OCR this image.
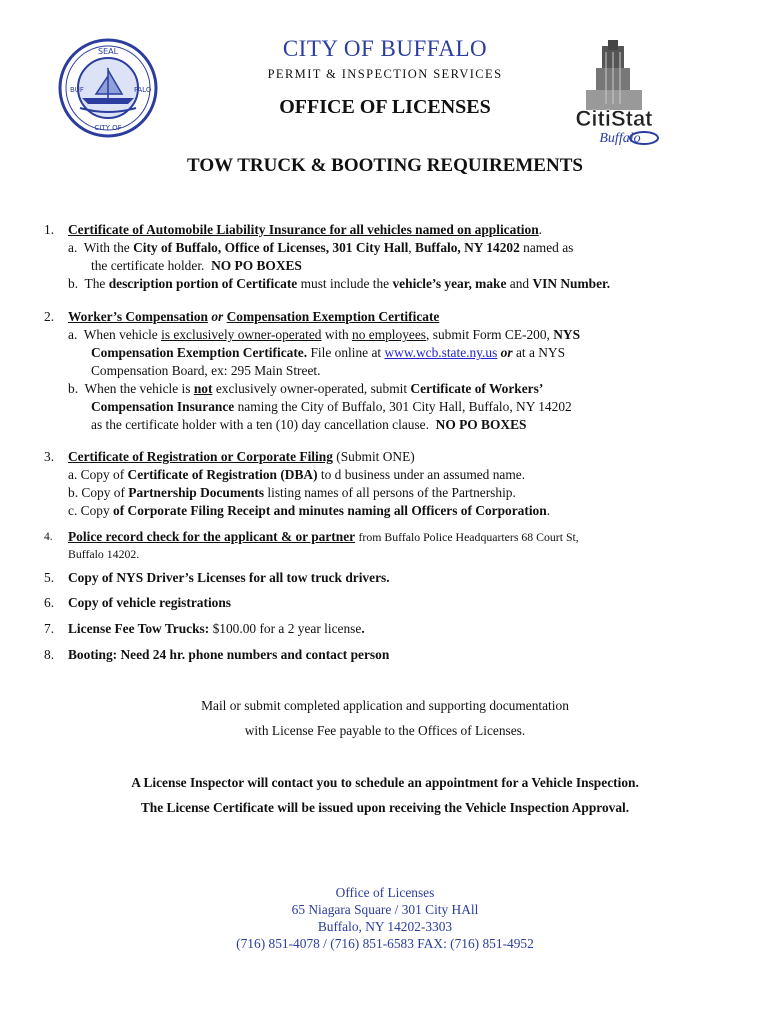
SEAL
CITY OF
BUF	FALO
CitiStat
Buffalo
CITY OF BUFFALO
PERMIT & INSPECTION SERVICES
OFFICE OF LICENSES
TOW TRUCK & BOOTING REQUIREMENTS
1. Certificate of Automobile Liability Insurance for all vehicles named on application.
a. With the City of Buffalo, Office of Licenses, 301 City Hall, Buffalo, NY 14202 named as
the certificate holder. NO PO BOXES
b. The description portion of Certificate must include the vehicle’s year, make and VIN Number.
2. Worker’s Compensation or Compensation Exemption Certificate
a. When vehicle is exclusively owner-operated with no employees, submit Form CE-200, NYS
Compensation Exemption Certificate. File online at www.wcb.state.ny.us or at a NYS
Compensation Board, ex: 295 Main Street.
b. When the vehicle is not exclusively owner-operated, submit Certificate of Workers’
Compensation Insurance naming the City of Buffalo, 301 City Hall, Buffalo, NY 14202
as the certificate holder with a ten (10) day cancellation clause. NO PO BOXES
3. Certificate of Registration or Corporate Filing (Submit ONE)
a. Copy of Certificate of Registration (DBA) to d business under an assumed name.
b. Copy of Partnership Documents listing names of all persons of the Partnership.
c. Copy of Corporate Filing Receipt and minutes naming all Officers of Corporation.
4. Police record check for the applicant & or partner from Buffalo Police Headquarters 68 Court St,
Buffalo 14202.
5. Copy of NYS Driver’s Licenses for all tow truck drivers.
6. Copy of vehicle registrations
7. License Fee Tow Trucks: $100.00 for a 2 year license.
8. Booting: Need 24 hr. phone numbers and contact person
Mail or submit completed application and supporting documentation
with License Fee payable to the Offices of Licenses.
A License Inspector will contact you to schedule an appointment for a Vehicle Inspection.
The License Certificate will be issued upon receiving the Vehicle Inspection Approval.
Office of Licenses
65 Niagara Square / 301 City HAll
Buffalo, NY 14202-3303
(716) 851-4078 / (716) 851-6583 FAX: (716) 851-4952
